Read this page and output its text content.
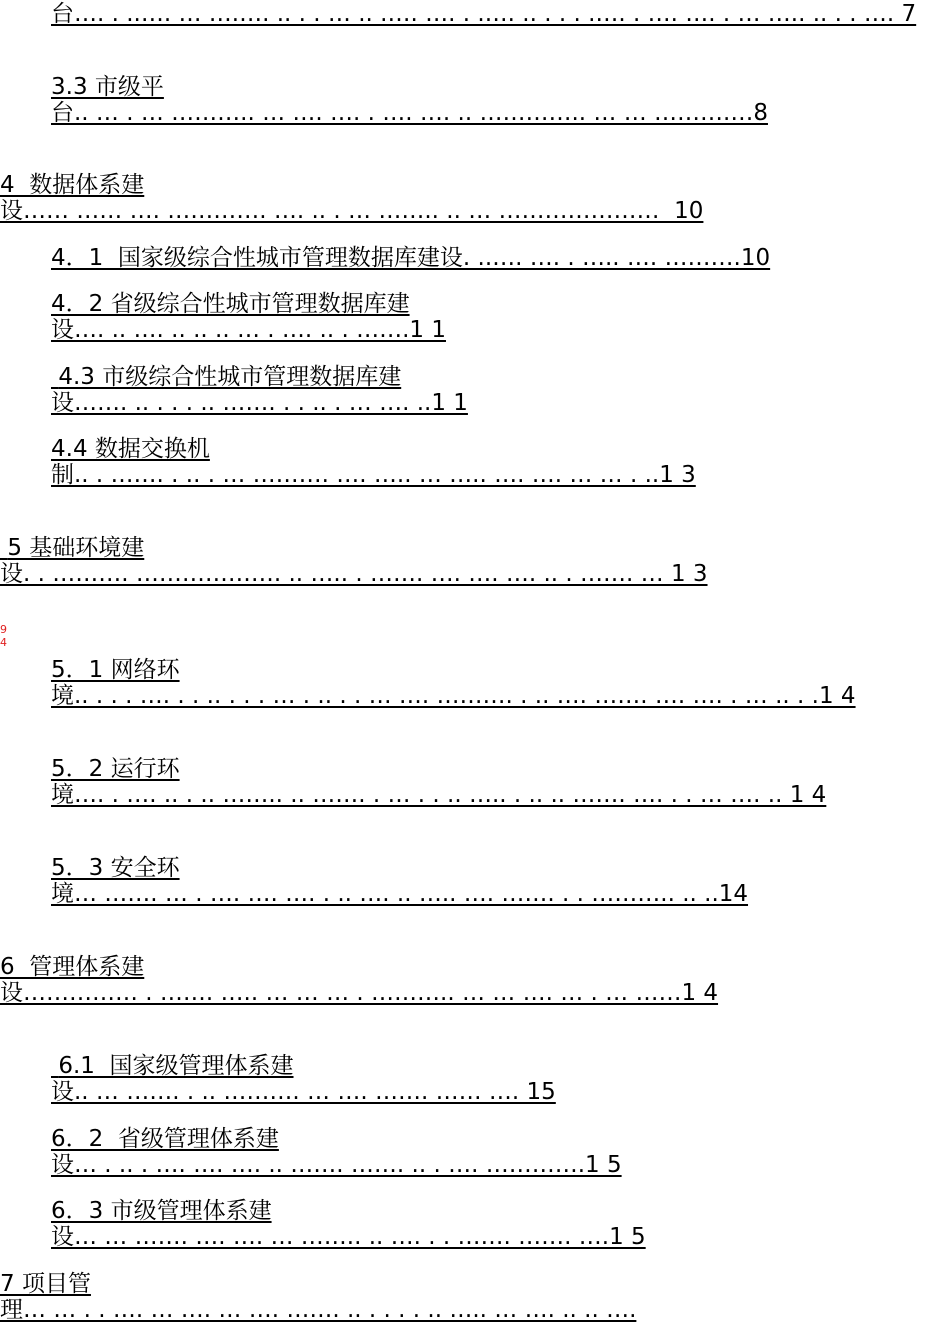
台…. . ..…. … ….…. .. . . … .. .…. …. . .…. .. . . . .…. . …. …. . … ….. .. . . …. 7

3.3 市级平
台.. … . … ……….. … …. …. . …. …. .. ………….. … … ……….…8

4  数据体系建
设…… …… …. …………. …. .. . … …….. .. … …………………  10

4．1  国家级综合性城市管理数据库建设. ..…. …. . ….. …. ……….10

4．2 省级综合性城市管理数据库建
设…. .. …. .. .. .. … . …. .. . …….1 1

4.3 市级综合性城市管理数据库建
设……. .. . . . .. ……. . . .. . … …. ..1 1

4.4 数据交换机
制.. . ……. . .. . … ………. …. ….. … ….. …. …. … … . ..1 3

5 基础环境建
设. . ………. ………………. .. ….. . ……. …. …. …. .. . ……. … 1 3

9
4

5．1 网络环
境.. . . . …. . . .. . . . … . .. . . … …. ………. . .. …. ……. …. …. . … .. . .1 4

5．2 运行环
境…. . …. .. . .. …….. .. ……. . … . . .. ….. . .. .. ……. …. . . … …. .. 1 4

5．3 安全环
境… ……. … . …. …. …. . .. …. .. ….. …. ……. . . ……….. .. ..14

6  管理体系建
设…………… . ……. ….. … … … . ……….. … … …. … . … ……1 4

6.1  国家级管理体系建
设.. … ……. . .. ………. … …. ……. …… …. 15

6．2  省级管理体系建
设… . .. . …. …. …. .. ……. ……. .. . …. ………….1 5

6．3 市级管理体系建
设… … ……. …. …. … …….. .. …. . . ……. ……. ….1 5

7 项目管
理… … . . …. … …. … …. ……. .. . . . . .. ….. … …. .. .. ….
